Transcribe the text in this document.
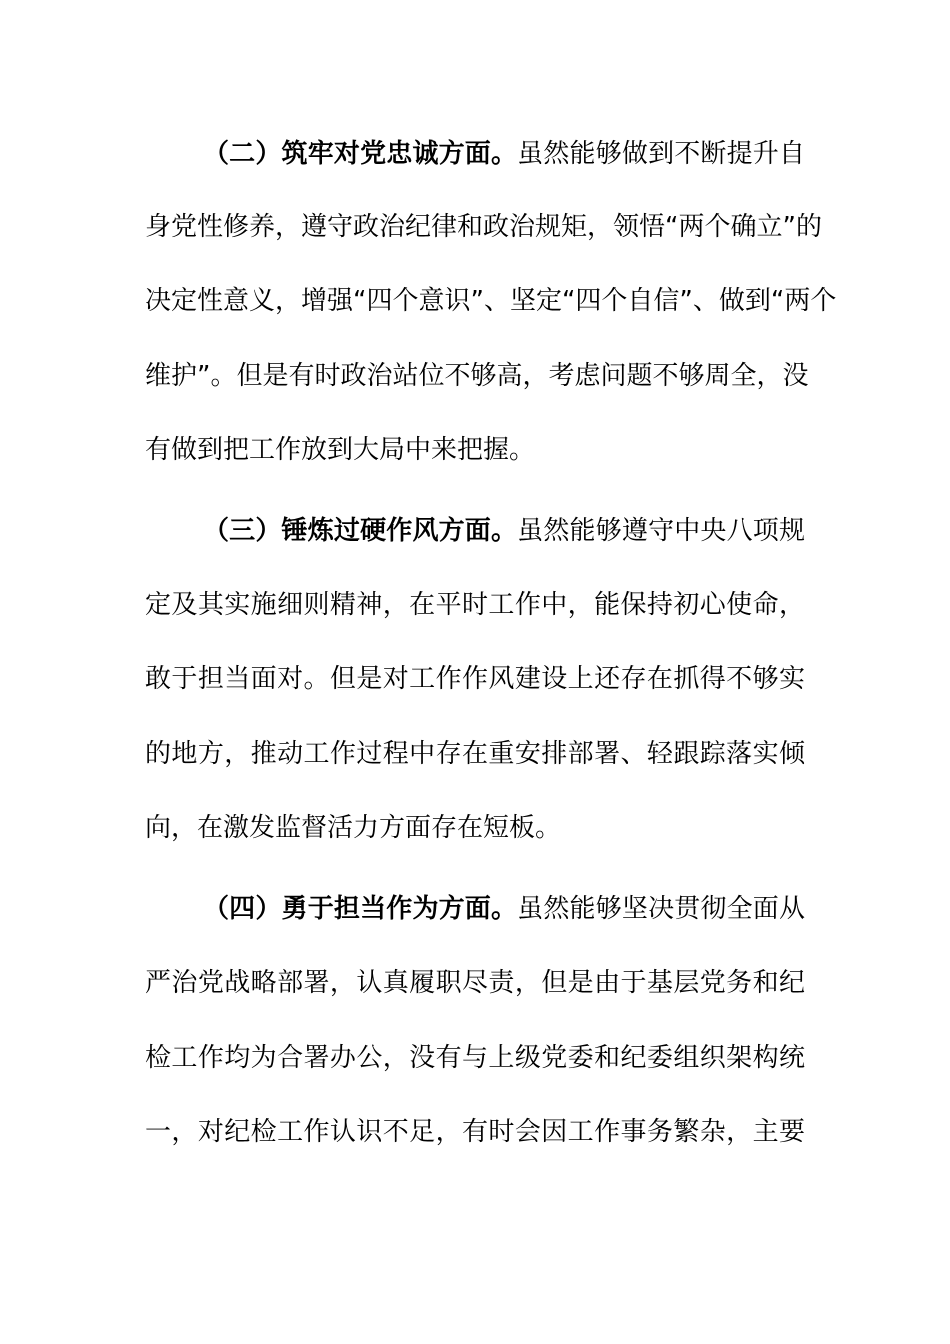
（二）筑牢对党忠诚方面。虽然能够做到不断提升自
身党性修养，遵守政治纪律和政治规矩，领悟“两个确立”的
决定性意义，增强“四个意识”、坚定“四个自信”、做到“两个
维护”。但是有时政治站位不够高，考虑问题不够周全，没
有做到把工作放到大局中来把握。
（三）锤炼过硬作风方面。虽然能够遵守中央八项规
定及其实施细则精神，在平时工作中，能保持初心使命，
敢于担当面对。但是对工作作风建设上还存在抓得不够实
的地方，推动工作过程中存在重安排部署、轻跟踪落实倾
向，在激发监督活力方面存在短板。
（四）勇于担当作为方面。虽然能够坚决贯彻全面从
严治党战略部署，认真履职尽责，但是由于基层党务和纪
检工作均为合署办公，没有与上级党委和纪委组织架构统
一，对纪检工作认识不足，有时会因工作事务繁杂，主要
